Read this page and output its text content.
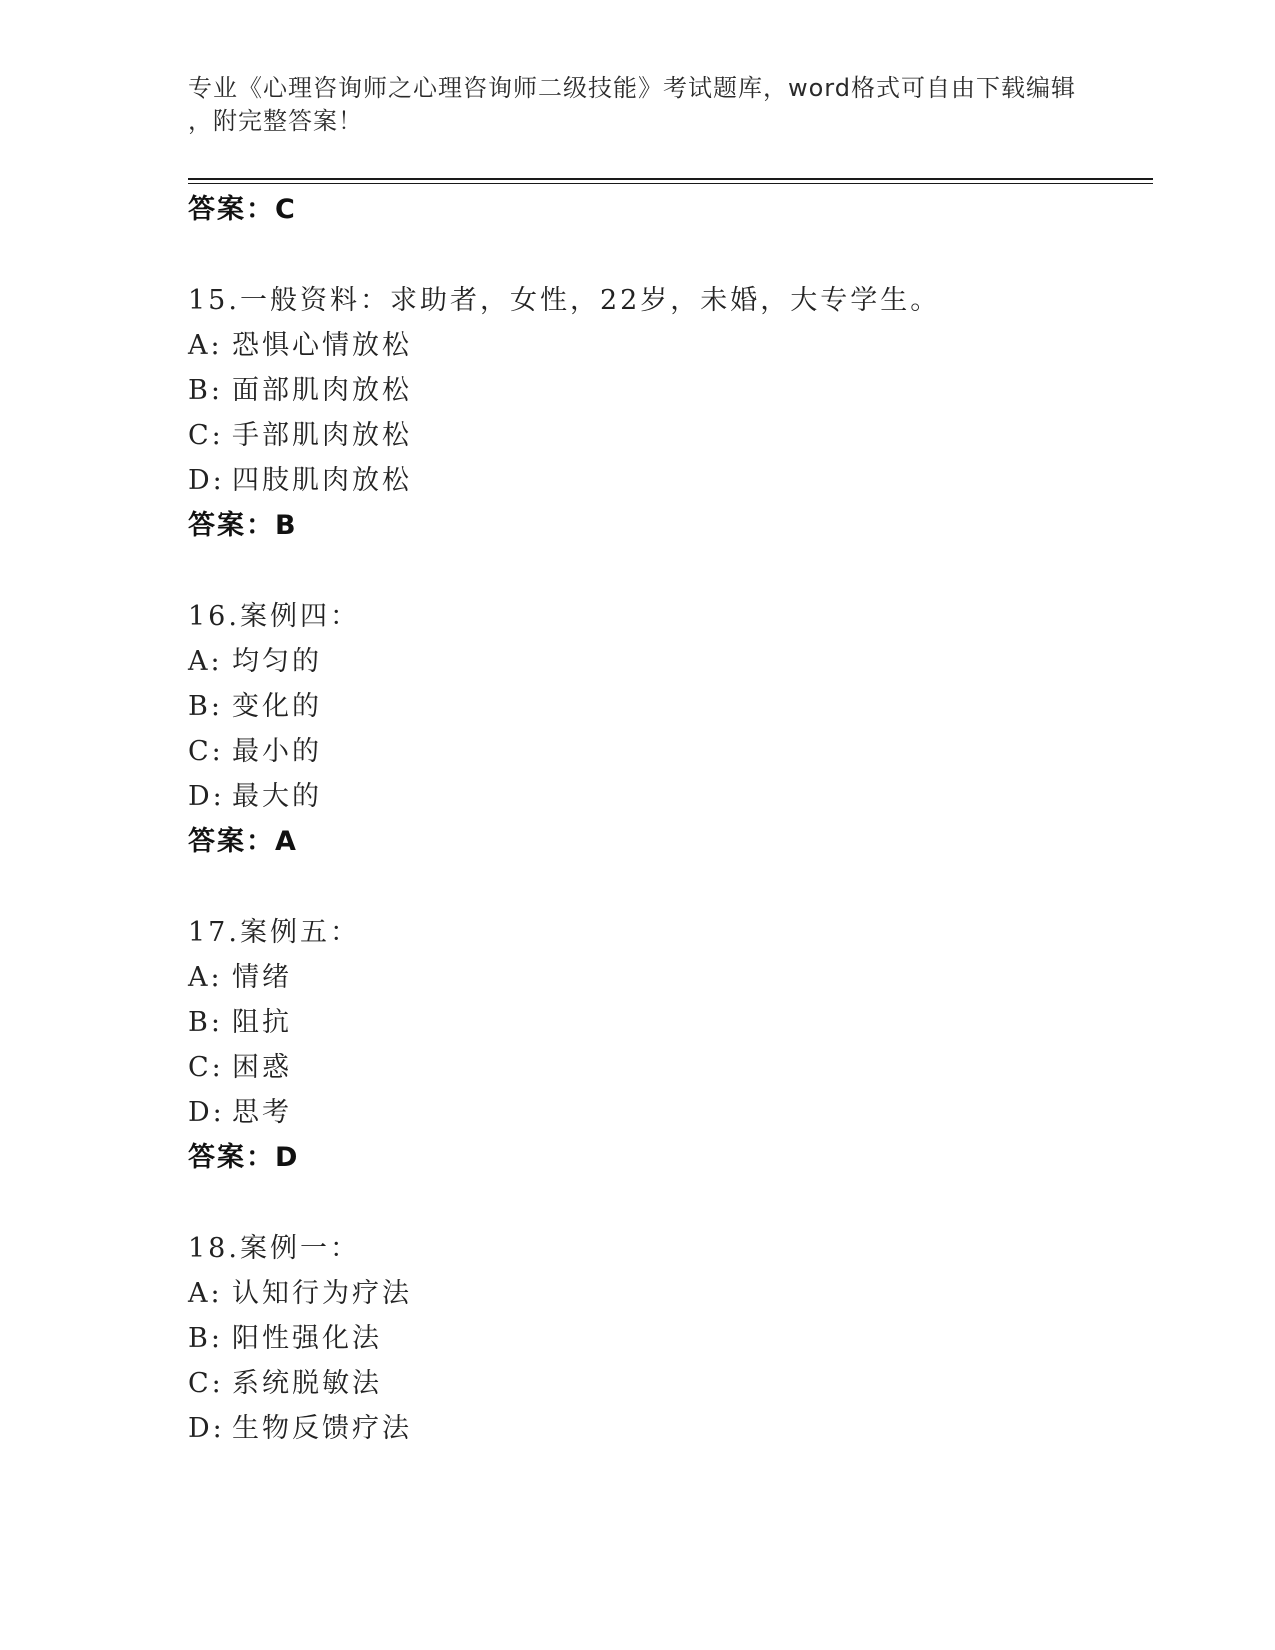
专业《心理咨询师之心理咨询师二级技能》考试题库，word格式可自由下载编辑
，附完整答案！
答案：C
15.一般资料：求助者，女性，22岁，未婚，大专学生。
A: 恐惧心情放松
B: 面部肌肉放松
C: 手部肌肉放松
D: 四肢肌肉放松
答案：B
16.案例四：
A: 均匀的
B: 变化的
C: 最小的
D: 最大的
答案：A
17.案例五：
A: 情绪
B: 阻抗
C: 困惑
D: 思考
答案：D
18.案例一：
A: 认知行为疗法
B: 阳性强化法
C: 系统脱敏法
D: 生物反馈疗法
